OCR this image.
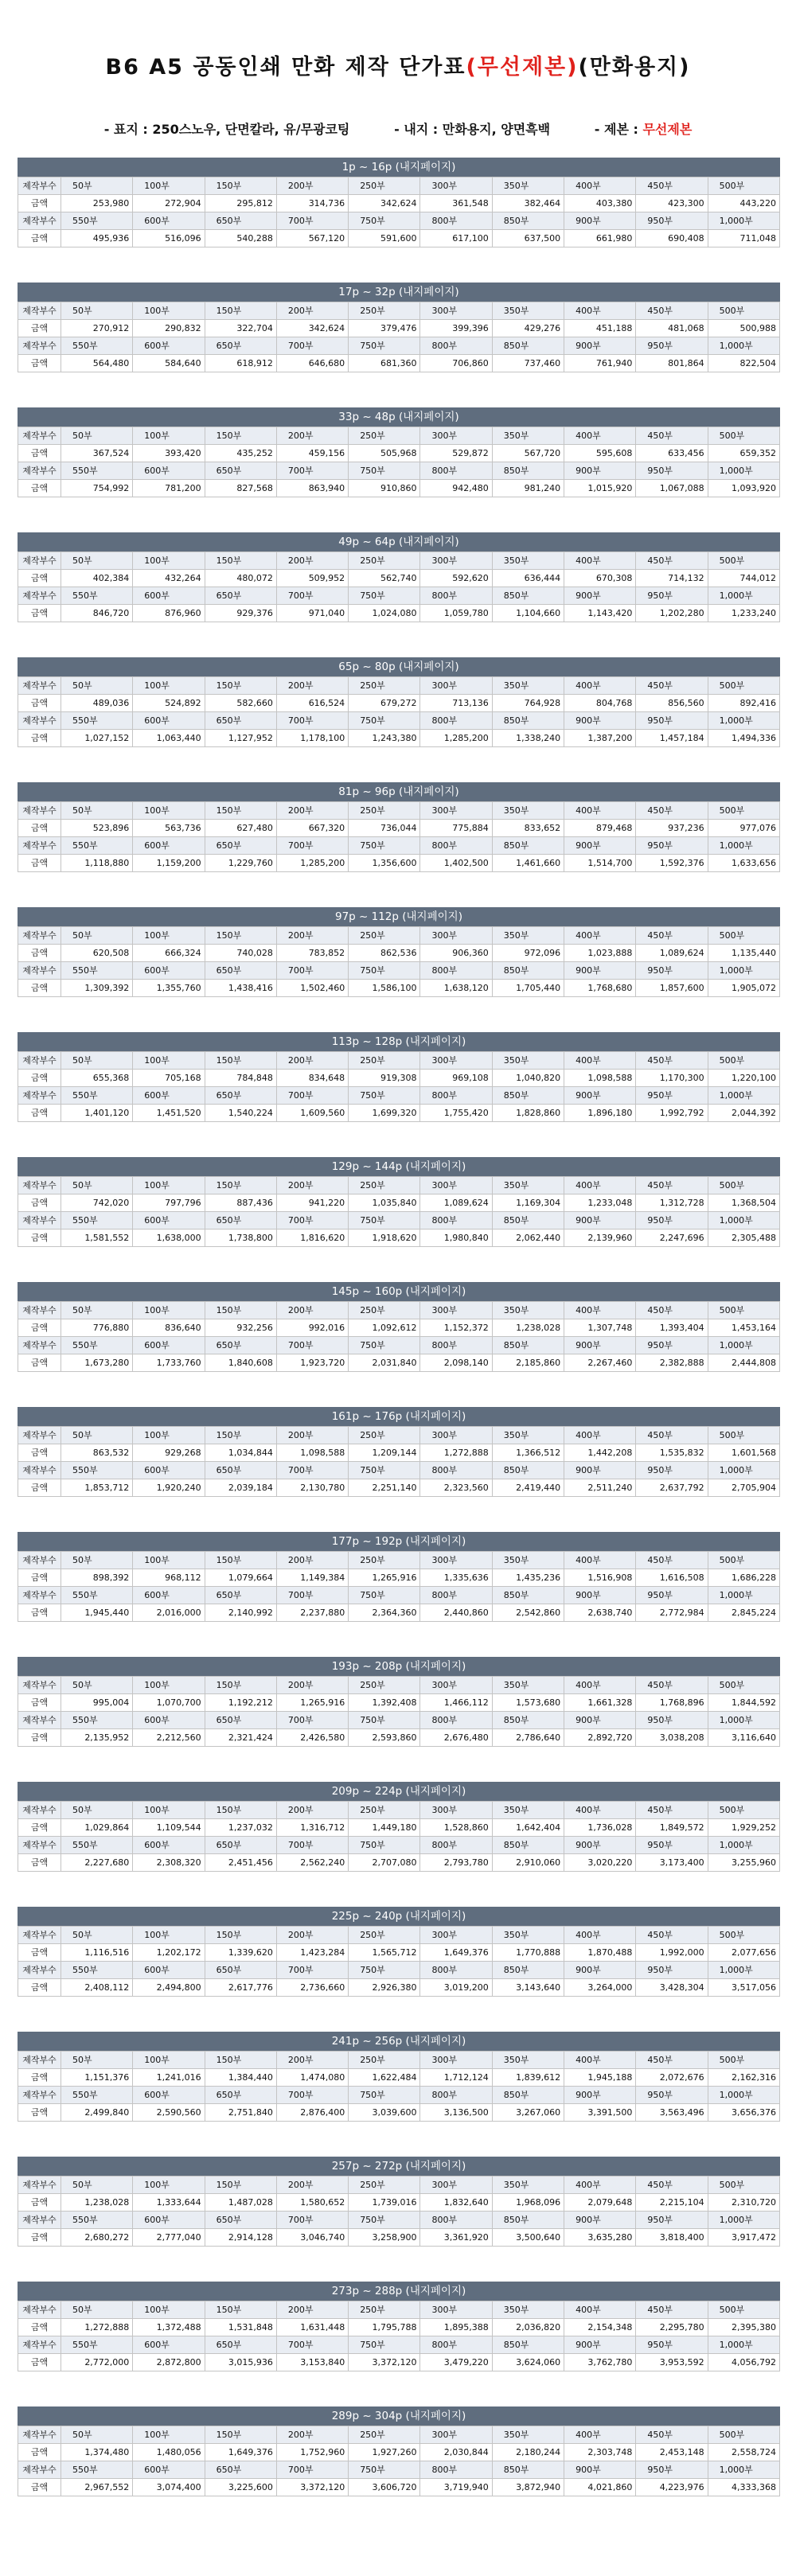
B6 A5 공동인쇄 만화 제작 단가표(무선제본)(만화용지)
- 표지 : 250스노우, 단면칼라, 유/무광코팅	- 내지 : 만화용지, 양면흑백	- 제본 : 무선제본
1p ~ 16p (내지페이지)
제작부수	50부	100부	150부	200부	250부	300부	350부	400부	450부	500부
금액	253,980	272,904	295,812	314,736	342,624	361,548	382,464	403,380	423,300	443,220
제작부수	550부	600부	650부	700부	750부	800부	850부	900부	950부	1,000부
금액	495,936	516,096	540,288	567,120	591,600	617,100	637,500	661,980	690,408	711,048
17p ~ 32p (내지페이지)
제작부수	50부	100부	150부	200부	250부	300부	350부	400부	450부	500부
금액	270,912	290,832	322,704	342,624	379,476	399,396	429,276	451,188	481,068	500,988
제작부수	550부	600부	650부	700부	750부	800부	850부	900부	950부	1,000부
금액	564,480	584,640	618,912	646,680	681,360	706,860	737,460	761,940	801,864	822,504
33p ~ 48p (내지페이지)
제작부수	50부	100부	150부	200부	250부	300부	350부	400부	450부	500부
금액	367,524	393,420	435,252	459,156	505,968	529,872	567,720	595,608	633,456	659,352
제작부수	550부	600부	650부	700부	750부	800부	850부	900부	950부	1,000부
금액	754,992	781,200	827,568	863,940	910,860	942,480	981,240	1,015,920	1,067,088	1,093,920
49p ~ 64p (내지페이지)
제작부수	50부	100부	150부	200부	250부	300부	350부	400부	450부	500부
금액	402,384	432,264	480,072	509,952	562,740	592,620	636,444	670,308	714,132	744,012
제작부수	550부	600부	650부	700부	750부	800부	850부	900부	950부	1,000부
금액	846,720	876,960	929,376	971,040	1,024,080	1,059,780	1,104,660	1,143,420	1,202,280	1,233,240
65p ~ 80p (내지페이지)
제작부수	50부	100부	150부	200부	250부	300부	350부	400부	450부	500부
금액	489,036	524,892	582,660	616,524	679,272	713,136	764,928	804,768	856,560	892,416
제작부수	550부	600부	650부	700부	750부	800부	850부	900부	950부	1,000부
금액	1,027,152	1,063,440	1,127,952	1,178,100	1,243,380	1,285,200	1,338,240	1,387,200	1,457,184	1,494,336
81p ~ 96p (내지페이지)
제작부수	50부	100부	150부	200부	250부	300부	350부	400부	450부	500부
금액	523,896	563,736	627,480	667,320	736,044	775,884	833,652	879,468	937,236	977,076
제작부수	550부	600부	650부	700부	750부	800부	850부	900부	950부	1,000부
금액	1,118,880	1,159,200	1,229,760	1,285,200	1,356,600	1,402,500	1,461,660	1,514,700	1,592,376	1,633,656
97p ~ 112p (내지페이지)
제작부수	50부	100부	150부	200부	250부	300부	350부	400부	450부	500부
금액	620,508	666,324	740,028	783,852	862,536	906,360	972,096	1,023,888	1,089,624	1,135,440
제작부수	550부	600부	650부	700부	750부	800부	850부	900부	950부	1,000부
금액	1,309,392	1,355,760	1,438,416	1,502,460	1,586,100	1,638,120	1,705,440	1,768,680	1,857,600	1,905,072
113p ~ 128p (내지페이지)
제작부수	50부	100부	150부	200부	250부	300부	350부	400부	450부	500부
금액	655,368	705,168	784,848	834,648	919,308	969,108	1,040,820	1,098,588	1,170,300	1,220,100
제작부수	550부	600부	650부	700부	750부	800부	850부	900부	950부	1,000부
금액	1,401,120	1,451,520	1,540,224	1,609,560	1,699,320	1,755,420	1,828,860	1,896,180	1,992,792	2,044,392
129p ~ 144p (내지페이지)
제작부수	50부	100부	150부	200부	250부	300부	350부	400부	450부	500부
금액	742,020	797,796	887,436	941,220	1,035,840	1,089,624	1,169,304	1,233,048	1,312,728	1,368,504
제작부수	550부	600부	650부	700부	750부	800부	850부	900부	950부	1,000부
금액	1,581,552	1,638,000	1,738,800	1,816,620	1,918,620	1,980,840	2,062,440	2,139,960	2,247,696	2,305,488
145p ~ 160p (내지페이지)
제작부수	50부	100부	150부	200부	250부	300부	350부	400부	450부	500부
금액	776,880	836,640	932,256	992,016	1,092,612	1,152,372	1,238,028	1,307,748	1,393,404	1,453,164
제작부수	550부	600부	650부	700부	750부	800부	850부	900부	950부	1,000부
금액	1,673,280	1,733,760	1,840,608	1,923,720	2,031,840	2,098,140	2,185,860	2,267,460	2,382,888	2,444,808
161p ~ 176p (내지페이지)
제작부수	50부	100부	150부	200부	250부	300부	350부	400부	450부	500부
금액	863,532	929,268	1,034,844	1,098,588	1,209,144	1,272,888	1,366,512	1,442,208	1,535,832	1,601,568
제작부수	550부	600부	650부	700부	750부	800부	850부	900부	950부	1,000부
금액	1,853,712	1,920,240	2,039,184	2,130,780	2,251,140	2,323,560	2,419,440	2,511,240	2,637,792	2,705,904
177p ~ 192p (내지페이지)
제작부수	50부	100부	150부	200부	250부	300부	350부	400부	450부	500부
금액	898,392	968,112	1,079,664	1,149,384	1,265,916	1,335,636	1,435,236	1,516,908	1,616,508	1,686,228
제작부수	550부	600부	650부	700부	750부	800부	850부	900부	950부	1,000부
금액	1,945,440	2,016,000	2,140,992	2,237,880	2,364,360	2,440,860	2,542,860	2,638,740	2,772,984	2,845,224
193p ~ 208p (내지페이지)
제작부수	50부	100부	150부	200부	250부	300부	350부	400부	450부	500부
금액	995,004	1,070,700	1,192,212	1,265,916	1,392,408	1,466,112	1,573,680	1,661,328	1,768,896	1,844,592
제작부수	550부	600부	650부	700부	750부	800부	850부	900부	950부	1,000부
금액	2,135,952	2,212,560	2,321,424	2,426,580	2,593,860	2,676,480	2,786,640	2,892,720	3,038,208	3,116,640
209p ~ 224p (내지페이지)
제작부수	50부	100부	150부	200부	250부	300부	350부	400부	450부	500부
금액	1,029,864	1,109,544	1,237,032	1,316,712	1,449,180	1,528,860	1,642,404	1,736,028	1,849,572	1,929,252
제작부수	550부	600부	650부	700부	750부	800부	850부	900부	950부	1,000부
금액	2,227,680	2,308,320	2,451,456	2,562,240	2,707,080	2,793,780	2,910,060	3,020,220	3,173,400	3,255,960
225p ~ 240p (내지페이지)
제작부수	50부	100부	150부	200부	250부	300부	350부	400부	450부	500부
금액	1,116,516	1,202,172	1,339,620	1,423,284	1,565,712	1,649,376	1,770,888	1,870,488	1,992,000	2,077,656
제작부수	550부	600부	650부	700부	750부	800부	850부	900부	950부	1,000부
금액	2,408,112	2,494,800	2,617,776	2,736,660	2,926,380	3,019,200	3,143,640	3,264,000	3,428,304	3,517,056
241p ~ 256p (내지페이지)
제작부수	50부	100부	150부	200부	250부	300부	350부	400부	450부	500부
금액	1,151,376	1,241,016	1,384,440	1,474,080	1,622,484	1,712,124	1,839,612	1,945,188	2,072,676	2,162,316
제작부수	550부	600부	650부	700부	750부	800부	850부	900부	950부	1,000부
금액	2,499,840	2,590,560	2,751,840	2,876,400	3,039,600	3,136,500	3,267,060	3,391,500	3,563,496	3,656,376
257p ~ 272p (내지페이지)
제작부수	50부	100부	150부	200부	250부	300부	350부	400부	450부	500부
금액	1,238,028	1,333,644	1,487,028	1,580,652	1,739,016	1,832,640	1,968,096	2,079,648	2,215,104	2,310,720
제작부수	550부	600부	650부	700부	750부	800부	850부	900부	950부	1,000부
금액	2,680,272	2,777,040	2,914,128	3,046,740	3,258,900	3,361,920	3,500,640	3,635,280	3,818,400	3,917,472
273p ~ 288p (내지페이지)
제작부수	50부	100부	150부	200부	250부	300부	350부	400부	450부	500부
금액	1,272,888	1,372,488	1,531,848	1,631,448	1,795,788	1,895,388	2,036,820	2,154,348	2,295,780	2,395,380
제작부수	550부	600부	650부	700부	750부	800부	850부	900부	950부	1,000부
금액	2,772,000	2,872,800	3,015,936	3,153,840	3,372,120	3,479,220	3,624,060	3,762,780	3,953,592	4,056,792
289p ~ 304p (내지페이지)
제작부수	50부	100부	150부	200부	250부	300부	350부	400부	450부	500부
금액	1,374,480	1,480,056	1,649,376	1,752,960	1,927,260	2,030,844	2,180,244	2,303,748	2,453,148	2,558,724
제작부수	550부	600부	650부	700부	750부	800부	850부	900부	950부	1,000부
금액	2,967,552	3,074,400	3,225,600	3,372,120	3,606,720	3,719,940	3,872,940	4,021,860	4,223,976	4,333,368
